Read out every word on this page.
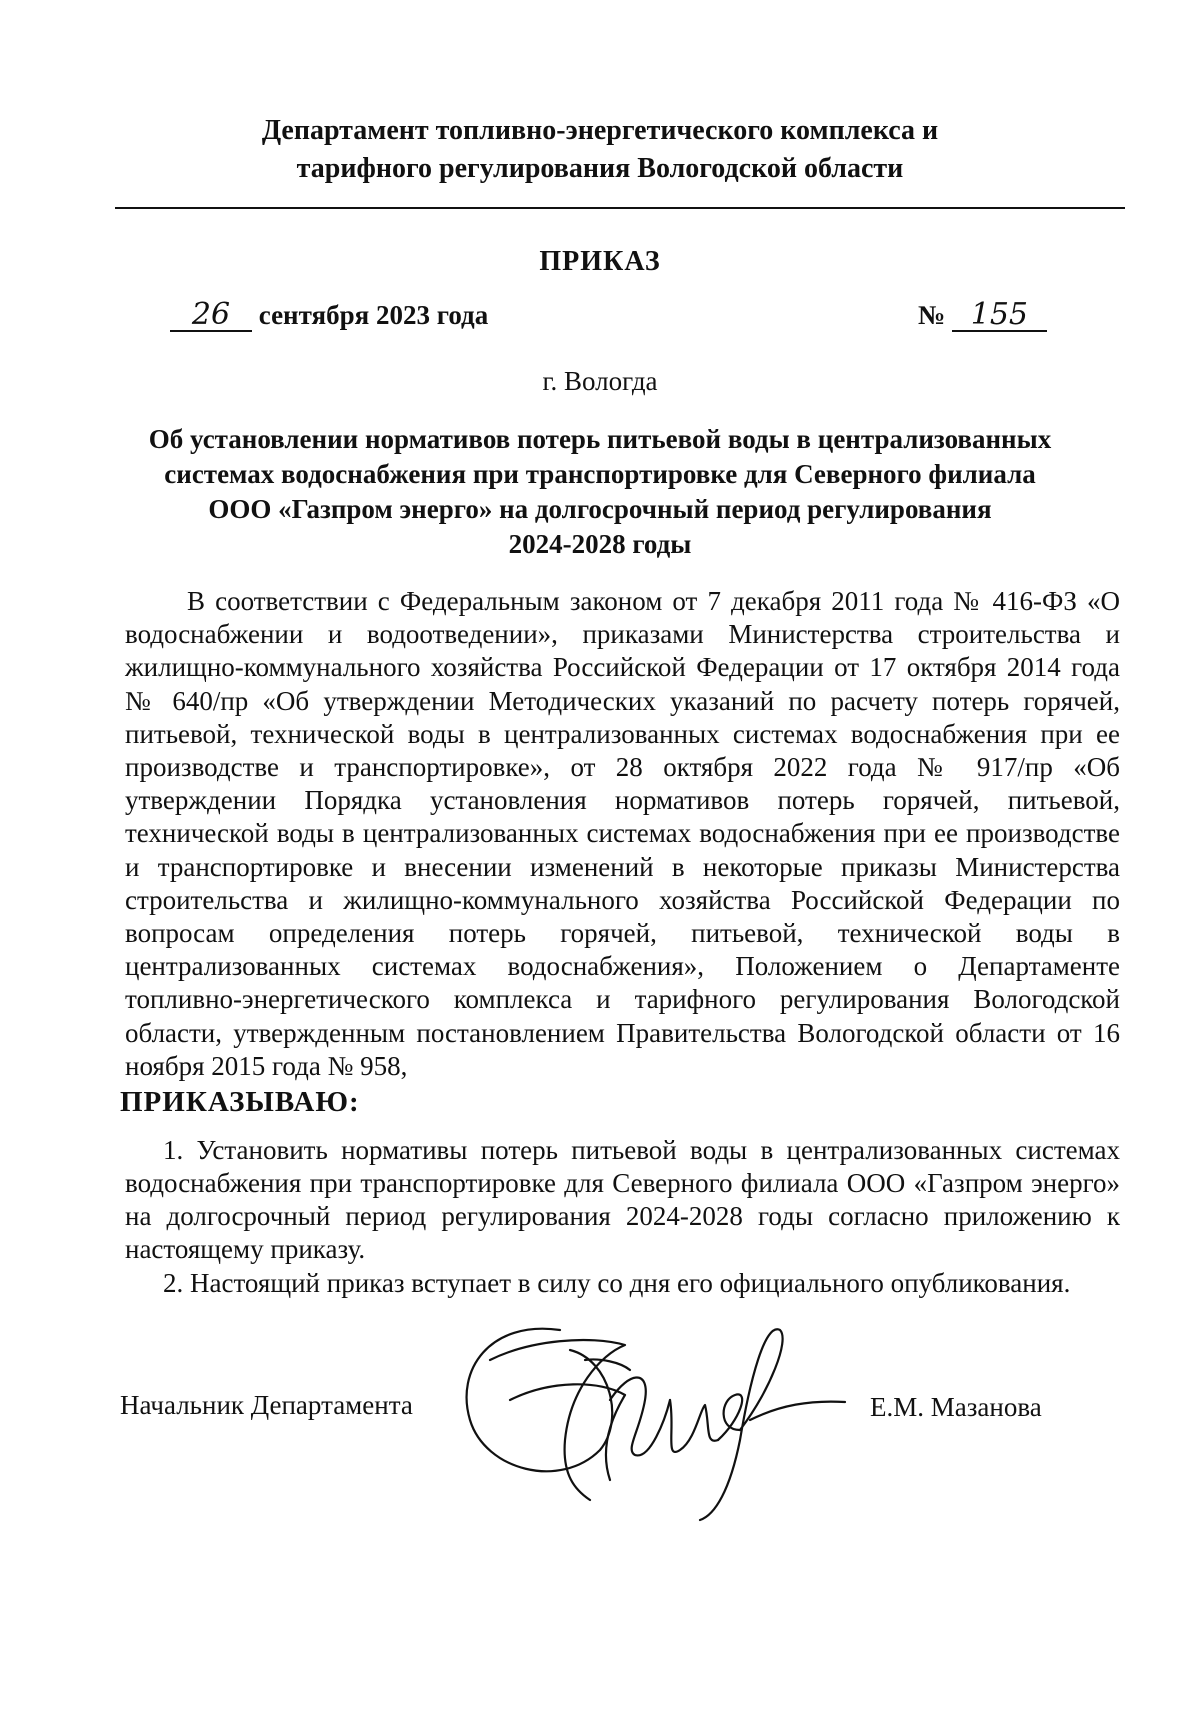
Департамент топливно-энергетического комплекса и
тарифного регулирования Вологодской области
ПРИКАЗ
26 сентября 2023 года	№ 155
г. Вологда
Об установлении нормативов потерь питьевой воды в централизованных
системах водоснабжения при транспортировке для Северного филиала
ООО «Газпром энерго» на долгосрочный период регулирования
2024-2028 годы
В соответствии с Федеральным законом от 7 декабря 2011 года № 416-ФЗ «О водоснабжении и водоотведении», приказами Министерства строительства и жилищно-коммунального хозяйства Российской Федерации от 17 октября 2014 года № 640/пр «Об утверждении Методических указаний по расчету потерь горячей, питьевой, технической воды в централизованных системах водоснабжения при ее производстве и транспортировке», от 28 октября 2022 года № 917/пр «Об утверждении Порядка установления нормативов потерь горячей, питьевой, технической воды в централизованных системах водоснабжения при ее производстве и транспортировке и внесении изменений в некоторые приказы Министерства строительства и жилищно-коммунального хозяйства Российской Федерации по вопросам определения потерь горячей, питьевой, технической воды в централизованных системах водоснабжения», Положением о Департаменте топливно-энергетического комплекса и тарифного регулирования Вологодской области, утвержденным постановлением Правительства Вологодской области от 16 ноября 2015 года № 958,
ПРИКАЗЫВАЮ:
1. Установить нормативы потерь питьевой воды в централизованных системах водоснабжения при транспортировке для Северного филиала ООО «Газпром энерго» на долгосрочный период регулирования 2024-2028 годы согласно приложению к настоящему приказу.
2. Настоящий приказ вступает в силу со дня его официального опубликования.
Начальник Департамента	Е.М. Мазанова
